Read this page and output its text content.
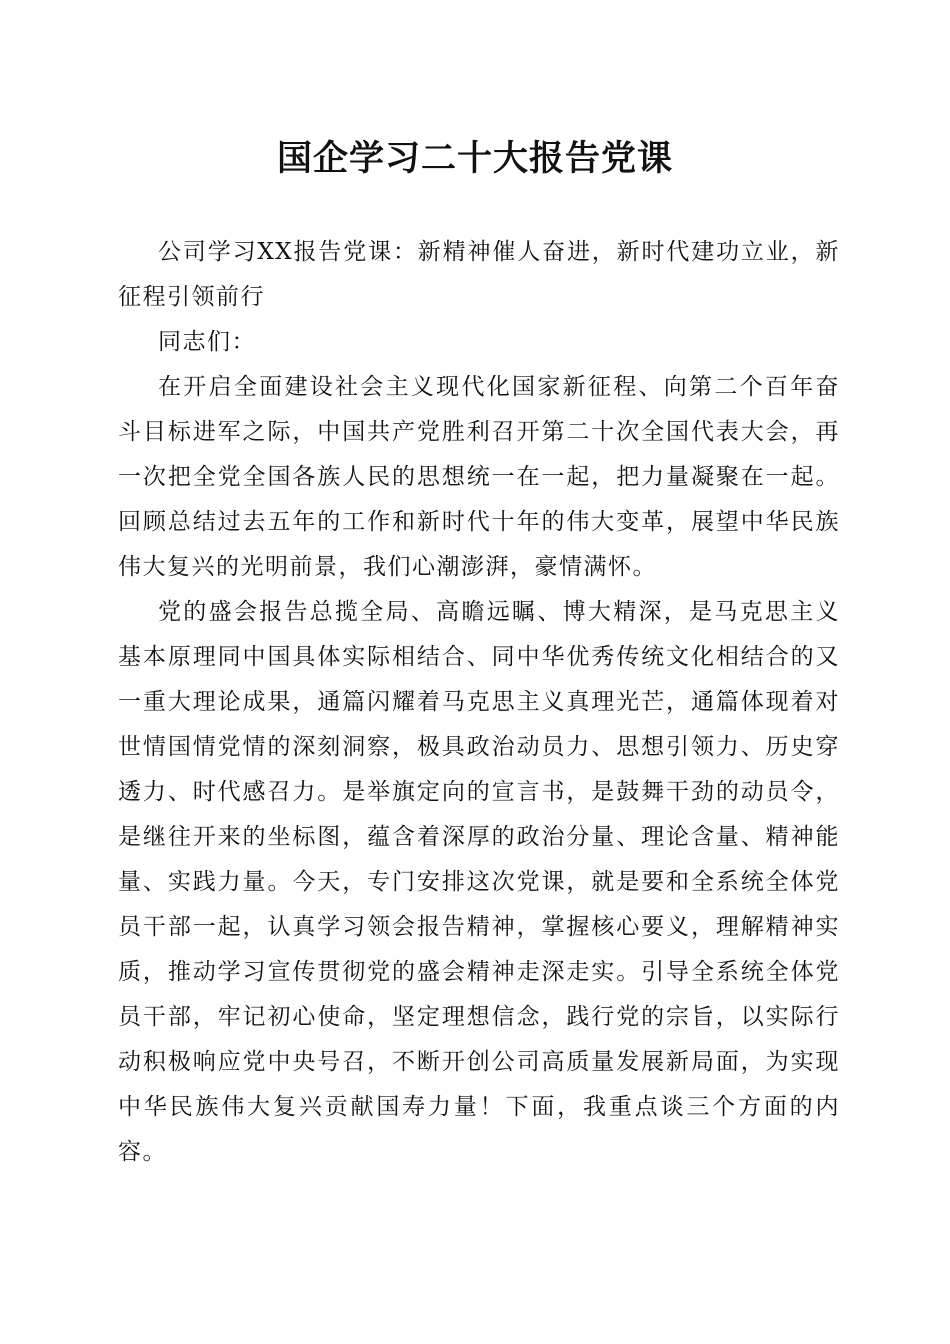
国企学习二十大报告党课

公司学习XX报告党课：新精神催人奋进，新时代建功立业，新征程引领前行

同志们：

在开启全面建设社会主义现代化国家新征程、向第二个百年奋斗目标进军之际，中国共产党胜利召开第二十次全国代表大会，再一次把全党全国各族人民的思想统一在一起，把力量凝聚在一起。回顾总结过去五年的工作和新时代十年的伟大变革，展望中华民族伟大复兴的光明前景，我们心潮澎湃，豪情满怀。

党的盛会报告总揽全局、高瞻远瞩、博大精深，是马克思主义基本原理同中国具体实际相结合、同中华优秀传统文化相结合的又一重大理论成果，通篇闪耀着马克思主义真理光芒，通篇体现着对世情国情党情的深刻洞察，极具政治动员力、思想引领力、历史穿透力、时代感召力。是举旗定向的宣言书，是鼓舞干劲的动员令，是继往开来的坐标图，蕴含着深厚的政治分量、理论含量、精神能量、实践力量。今天，专门安排这次党课，就是要和全系统全体党员干部一起，认真学习领会报告精神，掌握核心要义，理解精神实质，推动学习宣传贯彻党的盛会精神走深走实。引导全系统全体党员干部，牢记初心使命，坚定理想信念，践行党的宗旨，以实际行动积极响应党中央号召，不断开创公司高质量发展新局面，为实现中华民族伟大复兴贡献国寿力量！下面，我重点谈三个方面的内容。
